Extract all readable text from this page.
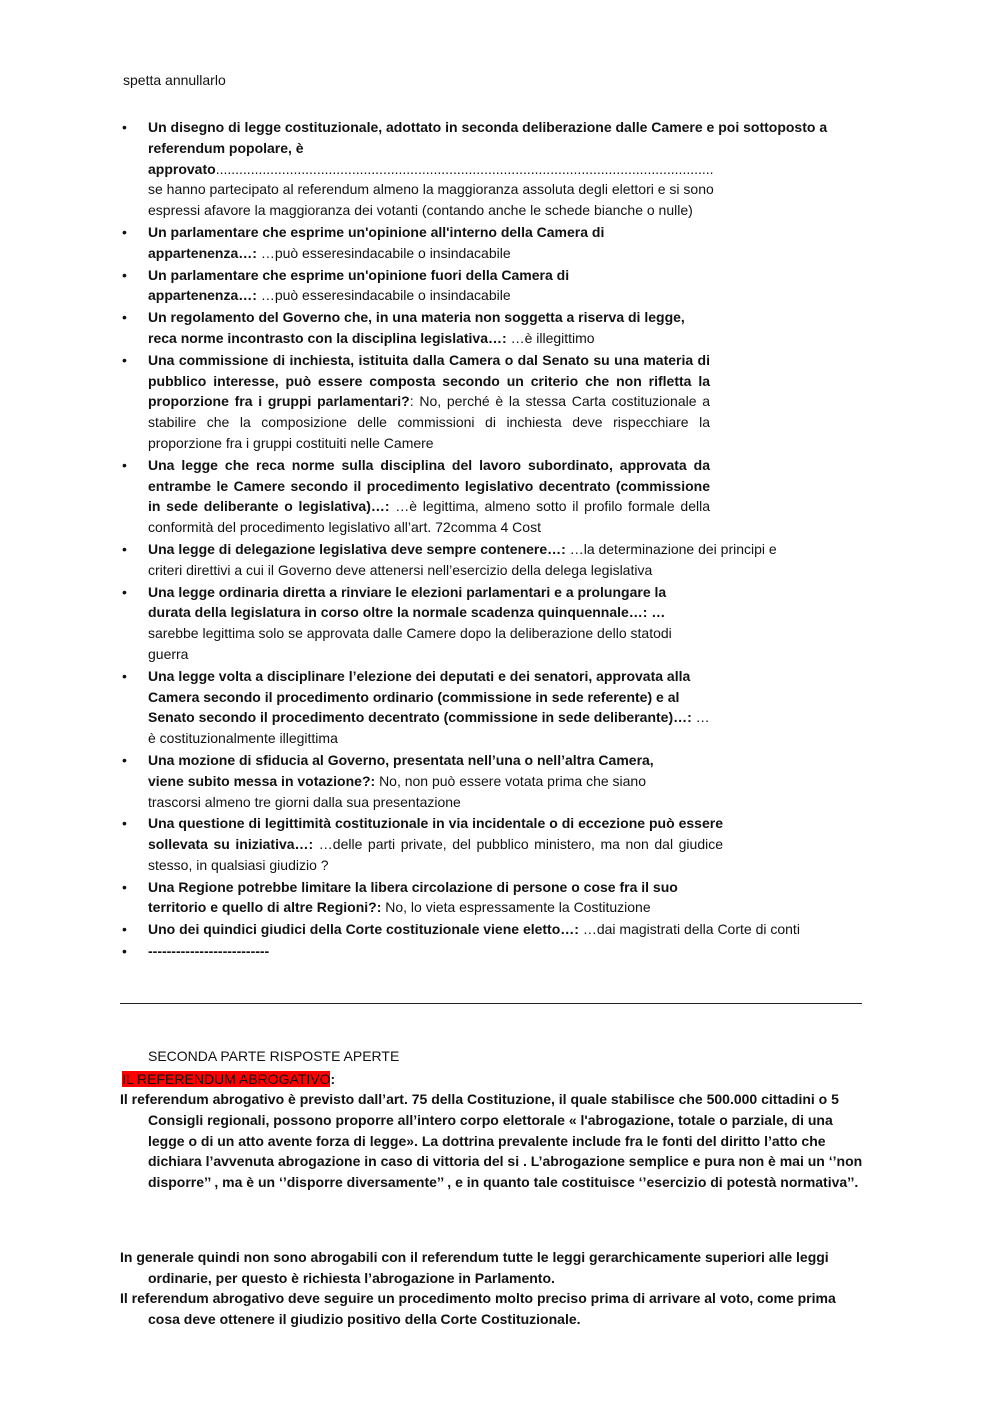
spetta annullarlo

• Un disegno di legge costituzionale, adottato in seconda deliberazione dalle Camere e poi sottoposto a referendum popolare, è approvato................................................................................................................................
se hanno partecipato al referendum almeno la maggioranza assoluta degli elettori e si sono espressi afavore la maggioranza dei votanti (contando anche le schede bianche o nulle)
• Un parlamentare che esprime un'opinione all'interno della Camera di appartenenza…: …può esseresindacabile o insindacabile
• Un parlamentare che esprime un'opinione fuori della Camera di appartenenza…: …può esseresindacabile o insindacabile
• Un regolamento del Governo che, in una materia non soggetta a riserva di legge, reca norme incontrasto con la disciplina legislativa…: …è illegittimo
• Una commissione di inchiesta, istituita dalla Camera o dal Senato su una materia di pubblico interesse, può essere composta secondo un criterio che non rifletta la proporzione fra i gruppi parlamentari?: No, perché è la stessa Carta costituzionale a stabilire che la composizione delle commissioni di inchiesta deve rispecchiare la proporzione fra i gruppi costituiti nelle Camere
• Una legge che reca norme sulla disciplina del lavoro subordinato, approvata da entrambe le Camere secondo il procedimento legislativo decentrato (commissione in sede deliberante o legislativa)…: …è legittima, almeno sotto il profilo formale della conformità del procedimento legislativo all’art. 72comma 4 Cost
• Una legge di delegazione legislativa deve sempre contenere…: …la determinazione dei principi e criteri direttivi a cui il Governo deve attenersi nell’esercizio della delega legislativa
• Una legge ordinaria diretta a rinviare le elezioni parlamentari e a prolungare la durata della legislatura in corso oltre la normale scadenza quinquennale…: …sarebbe legittima solo se approvata dalle Camere dopo la deliberazione dello statodi guerra
• Una legge volta a disciplinare l’elezione dei deputati e dei senatori, approvata alla Camera secondo il procedimento ordinario (commissione in sede referente) e al Senato secondo il procedimento decentrato (commissione in sede deliberante)…: …è costituzionalmente illegittima
• Una mozione di sfiducia al Governo, presentata nell’una o nell’altra Camera, viene subito messa in votazione?: No, non può essere votata prima che siano trascorsi almeno tre giorni dalla sua presentazione
• Una questione di legittimità costituzionale in via incidentale o di eccezione può essere sollevata su iniziativa…: …delle parti private, del pubblico ministero, ma non dal giudice stesso, in qualsiasi giudizio ?
• Una Regione potrebbe limitare la libera circolazione di persone o cose fra il suo territorio e quello di altre Regioni?: No, lo vieta espressamente la Costituzione
• Uno dei quindici giudici della Corte costituzionale viene eletto…: …dai magistrati della Corte di conti
• --------------------------

SECONDA PARTE RISPOSTE APERTE

IL REFERENDUM ABROGATIVO:

Il referendum abrogativo è previsto dall’art. 75 della Costituzione, il quale stabilisce che 500.000 cittadini o 5 Consigli regionali, possono proporre all’intero corpo elettorale « l'abrogazione, totale o parziale, di una legge o di un atto avente forza di legge». La dottrina prevalente include fra le fonti del diritto l’atto che dichiara l’avvenuta abrogazione in caso di vittoria del si . L’abrogazione semplice e pura non è mai un ‘’non disporre’’ , ma è un ‘’disporre diversamente’’ , e in quanto tale costituisce ‘’esercizio di potestà normativa’’.

In generale quindi non sono abrogabili con il referendum tutte le leggi gerarchicamente superiori alle leggi ordinarie, per questo è richiesta l’abrogazione in Parlamento.

Il referendum abrogativo deve seguire un procedimento molto preciso prima di arrivare al voto, come prima cosa deve ottenere il giudizio positivo della Corte Costituzionale.
